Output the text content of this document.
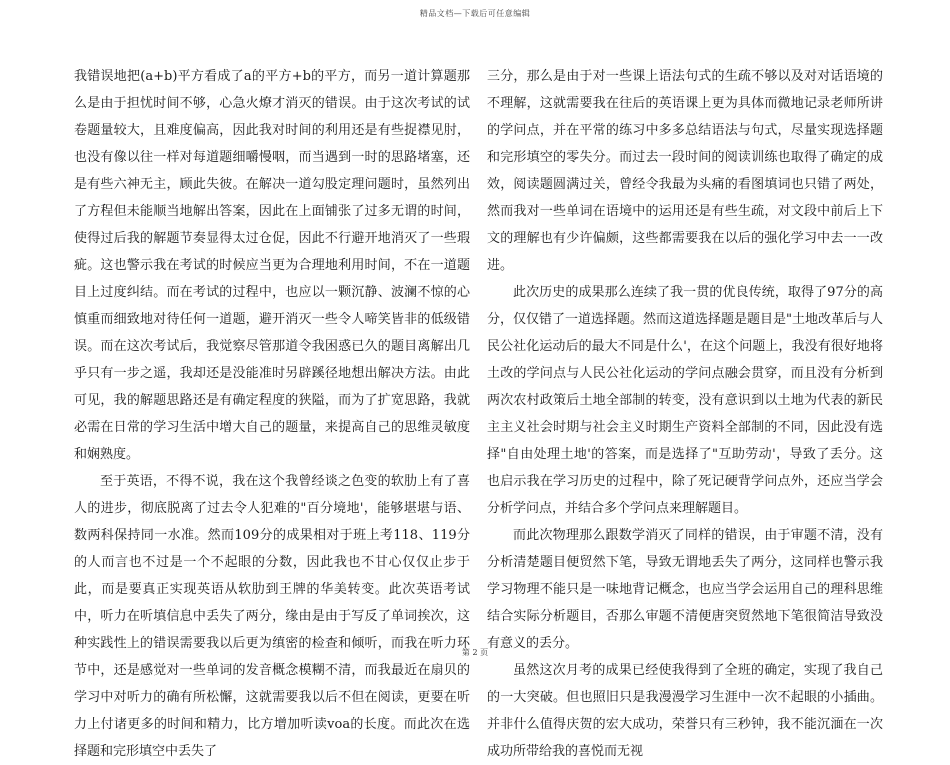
精品文档—下载后可任意编辑

我错误地把(a+b)平方看成了a的平方+b的平方，而另一道计算题那么是由于担忧时间不够，心急火燎才消灭的错误。由于这次考试的试卷题量较大，且难度偏高，因此我对时间的利用还是有些捉襟见肘，也没有像以往一样对每道题细嚼慢咽，而当遇到一时的思路堵塞，还是有些六神无主，顾此失彼。在解决一道勾股定理问题时，虽然列出了方程但未能顺当地解出答案，因此在上面铺张了过多无谓的时间，使得过后我的解题节奏显得太过仓促，因此不行避开地消灭了一些瑕疵。这也警示我在考试的时候应当更为合理地利用时间，不在一道题目上过度纠结。而在考试的过程中，也应以一颗沉静、波澜不惊的心慎重而细致地对待任何一道题，避开消灭一些令人啼笑皆非的低级错误。而在这次考试后，我觉察尽管那道令我困惑已久的题目离解出几乎只有一步之遥，我却还是没能准时另辟蹊径地想出解决方法。由此可见，我的解题思路还是有确定程度的狭隘，而为了扩宽思路，我就必需在日常的学习生活中增大自己的题量，来提高自己的思维灵敏度和娴熟度。

至于英语，不得不说，我在这个我曾经谈之色变的软肋上有了喜人的进步，彻底脱离了过去令人犯难的"百分境地'，能够堪堪与语、数两科保持同一水准。然而109分的成果相对于班上考118、119分的人而言也不过是一个不起眼的分数，因此我也不甘心仅仅止步于此，而是要真正实现英语从软肋到王牌的华美转变。此次英语考试中，听力在听填信息中丢失了两分，缘由是由于写反了单词挨次，这种实践性上的错误需要我以后更为缜密的检查和倾听，而我在听力环节中，还是感觉对一些单词的发音概念模糊不清，而我最近在扇贝的学习中对听力的确有所松懈，这就需要我以后不但在阅读，更要在听力上付诸更多的时间和精力，比方增加听读voa的长度。而此次在选择题和完形填空中丢失了

三分，那么是由于对一些课上语法句式的生疏不够以及对对话语境的不理解，这就需要我在往后的英语课上更为具体而微地记录老师所讲的学问点，并在平常的练习中多多总结语法与句式，尽量实现选择题和完形填空的零失分。而过去一段时间的阅读训练也取得了确定的成效，阅读题圆满过关，曾经令我最为头痛的看图填词也只错了两处，然而我对一些单词在语境中的运用还是有些生疏，对文段中前后上下文的理解也有少许偏颇，这些都需要我在以后的强化学习中去一一改进。

此次历史的成果那么连续了我一贯的优良传统，取得了97分的高分，仅仅错了一道选择题。然而这道选择题是题目是"土地改革后与人民公社化运动后的最大不同是什么'，在这个问题上，我没有很好地将土改的学问点与人民公社化运动的学问点融会贯穿，而且没有分析到两次农村政策后土地全部制的转变，没有意识到以土地为代表的新民主主义社会时期与社会主义时期生产资料全部制的不同，因此没有选择"自由处理土地'的答案，而是选择了"互助劳动'，导致了丢分。这也启示我在学习历史的过程中，除了死记硬背学问点外，还应当学会分析学问点，并结合多个学问点来理解题目。

而此次物理那么跟数学消灭了同样的错误，由于审题不清，没有分析清楚题目便贸然下笔，导致无谓地丢失了两分，这同样也警示我学习物理不能只是一味地背记概念，也应当学会运用自己的理科思维结合实际分析题目，否那么审题不清便唐突贸然地下笔很简洁导致没有意义的丢分。

虽然这次月考的成果已经使我得到了全班的确定，实现了我自己的一大突破。但也照旧只是我漫漫学习生涯中一次不起眼的小插曲。并非什么值得庆贺的宏大成功，荣誉只有三秒钟，我不能沉湎在一次成功所带给我的喜悦而无视

第 2 页
